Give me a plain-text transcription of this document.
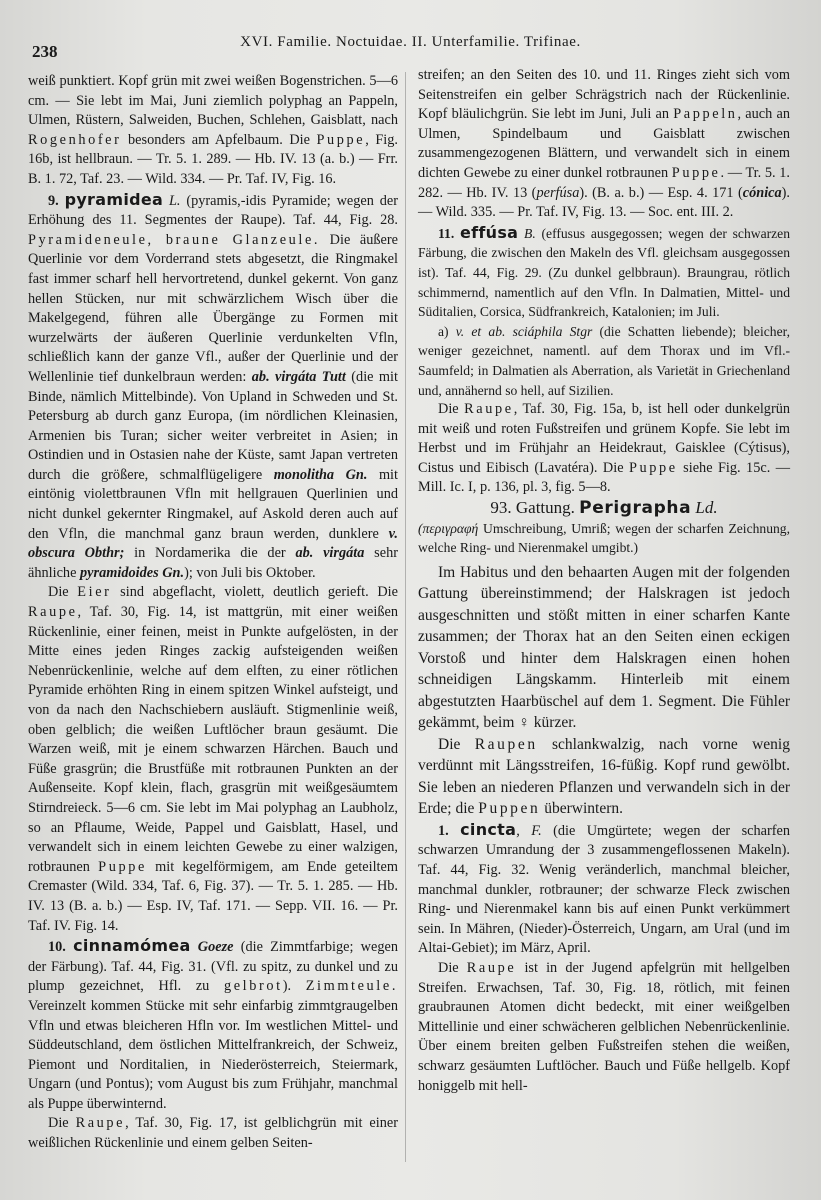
238	XVI. Familie. Noctuidae. II. Unterfamilie. Trifinae.

weiß punktiert. Kopf grün mit zwei weißen Bogenstrichen. 5—6 cm. — Sie lebt im Mai, Juni ziemlich polyphag an Pappeln, Ulmen, Rüstern, Salweiden, Buchen, Schlehen, Gaisblatt, nach Rogenhofer besonders am Apfelbaum. Die Puppe, Fig. 16b, ist hellbraun. — Tr. 5. 1. 289. — Hb. IV. 13 (a. b.) — Frr. B. 1. 72, Taf. 23. — Wild. 334. — Pr. Taf. IV, Fig. 16.

9. pyramidea L. (pyramis,-idis Pyramide; wegen der Erhöhung des 11. Segmentes der Raupe). Taf. 44, Fig. 28. Pyramideneule, braune Glanzeule. Die äußere Querlinie vor dem Vorderrand stets abgesetzt, die Ringmakel fast immer scharf hell hervortretend, dunkel gekernt. Von ganz hellen Stücken, nur mit schwärzlichem Wisch über die Makelgegend, führen alle Übergänge zu Formen mit wurzelwärts der äußeren Querlinie verdunkelten Vfln, schließlich kann der ganze Vfl., außer der Querlinie und der Wellenlinie tief dunkelbraun werden: ab. virgáta Tutt (die mit Binde, nämlich Mittelbinde). Von Upland in Schweden und St. Petersburg ab durch ganz Europa, (im nördlichen Kleinasien, Armenien bis Turan; sicher weiter verbreitet in Asien; in Ostindien und in Ostasien nahe der Küste, samt Japan vertreten durch die größere, schmalflügeligere monolitha Gn. mit eintönig violettbraunen Vfln mit hellgrauen Querlinien und nicht dunkel gekernter Ringmakel, auf Askold deren auch auf den Vfln, die manchmal ganz braun werden, dunklere v. obscura Obthr; in Nordamerika die der ab. virgáta sehr ähnliche pyramidoides Gn.); von Juli bis Oktober.

Die Eier sind abgeflacht, violett, deutlich gerieft. Die Raupe, Taf. 30, Fig. 14, ist mattgrün, mit einer weißen Rückenlinie, einer feinen, meist in Punkte aufgelösten, in der Mitte eines jeden Ringes zackig aufsteigenden weißen Nebenrückenlinie, welche auf dem elften, zu einer rötlichen Pyramide erhöhten Ring in einem spitzen Winkel aufsteigt, und von da nach den Nachschiebern ausläuft. Stigmenlinie weiß, oben gelblich; die weißen Luftlöcher braun gesäumt. Die Warzen weiß, mit je einem schwarzen Härchen. Bauch und Füße grasgrün; die Brustfüße mit rotbraunen Punkten an der Außenseite. Kopf klein, flach, grasgrün mit weißgesäumtem Stirndreieck. 5—6 cm. Sie lebt im Mai polyphag an Laubholz, so an Pflaume, Weide, Pappel und Gaisblatt, Hasel, und verwandelt sich in einem leichten Gewebe zu einer walzigen, rotbraunen Puppe mit kegelförmigem, am Ende geteiltem Cremaster (Wild. 334, Taf. 6, Fig. 37). — Tr. 5. 1. 285. — Hb. IV. 13 (B. a. b.) — Esp. IV, Taf. 171. — Sepp. VII. 16. — Pr. Taf. IV. Fig. 14.

10. cinnamómea Goeze (die Zimmtfarbige; wegen der Färbung). Taf. 44, Fig. 31. (Vfl. zu spitz, zu dunkel und zu plump gezeichnet, Hfl. zu gelbrot). Zimmteule. Vereinzelt kommen Stücke mit sehr einfarbig zimmtgraugelben Vfln und etwas bleicheren Hfln vor. Im westlichen Mittel- und Süddeutschland, dem östlichen Mittelfrankreich, der Schweiz, Piemont und Norditalien, in Niederösterreich, Steiermark, Ungarn (und Pontus); vom August bis zum Frühjahr, manchmal als Puppe überwinternd.

Die Raupe, Taf. 30, Fig. 17, ist gelblichgrün mit einer weißlichen Rückenlinie und einem gelben Seiten-

streifen; an den Seiten des 10. und 11. Ringes zieht sich vom Seitenstreifen ein gelber Schrägstrich nach der Rückenlinie. Kopf bläulichgrün. Sie lebt im Juni, Juli an Pappeln, auch an Ulmen, Spindelbaum und Gaisblatt zwischen zusammengezogenen Blättern, und verwandelt sich in einem dichten Gewebe zu einer dunkel rotbraunen Puppe. — Tr. 5. 1. 282. — Hb. IV. 13 (perfúsa). (B. a. b.) — Esp. 4. 171 (cónica). — Wild. 335. — Pr. Taf. IV, Fig. 13. — Soc. ent. III. 2.

11. effúsa B. (effusus ausgegossen; wegen der schwarzen Färbung, die zwischen den Makeln des Vfl. gleichsam ausgegossen ist). Taf. 44, Fig. 29. (Zu dunkel gelbbraun). Braungrau, rötlich schimmernd, namentlich auf den Vfln. In Dalmatien, Mittel- und Süditalien, Corsica, Südfrankreich, Katalonien; im Juli.

a) v. et ab. sciáphila Stgr (die Schatten liebende); bleicher, weniger gezeichnet, namentl. auf dem Thorax und im Vfl.-Saumfeld; in Dalmatien als Aberration, als Varietät in Griechenland und, annähernd so hell, auf Sizilien.

Die Raupe, Taf. 30, Fig. 15a, b, ist hell oder dunkelgrün mit weiß und roten Fußstreifen und grünem Kopfe. Sie lebt im Herbst und im Frühjahr an Heidekraut, Gaisklee (Cýtisus), Cistus und Eibisch (Lavatéra). Die Puppe siehe Fig. 15c. — Mill. Ic. I, p. 136, pl. 3, fig. 5—8.

93. Gattung. Perigrapha Ld.

(περιγραφή Umschreibung, Umriß; wegen der scharfen Zeichnung, welche Ring- und Nierenmakel umgibt.)

Im Habitus und den behaarten Augen mit der folgenden Gattung übereinstimmend; der Halskragen ist jedoch ausgeschnitten und stößt mitten in einer scharfen Kante zusammen; der Thorax hat an den Seiten einen eckigen Vorstoß und hinter dem Halskragen einen hohen schneidigen Längskamm. Hinterleib mit einem abgestutzten Haarbüschel auf dem 1. Segment. Die Fühler gekämmt, beim ♀ kürzer.

Die Raupen schlankwalzig, nach vorne wenig verdünnt mit Längsstreifen, 16-füßig. Kopf rund gewölbt. Sie leben an niederen Pflanzen und verwandeln sich in der Erde; die Puppen überwintern.

1. cincta, F. (die Umgürtete; wegen der scharfen schwarzen Umrandung der 3 zusammengeflossenen Makeln). Taf. 44, Fig. 32. Wenig veränderlich, manchmal bleicher, manchmal dunkler, rotbrauner; der schwarze Fleck zwischen Ring- und Nierenmakel kann bis auf einen Punkt verkümmert sein. In Mähren, (Nieder)-Österreich, Ungarn, am Ural (und im Altai-Gebiet); im März, April.

Die Raupe ist in der Jugend apfelgrün mit hellgelben Streifen. Erwachsen, Taf. 30, Fig. 18, rötlich, mit feinen graubraunen Atomen dicht bedeckt, mit einer weißgelben Mittellinie und einer schwächeren gelblichen Nebenrückenlinie. Über einem breiten gelben Fußstreifen stehen die weißen, schwarz gesäumten Luftlöcher. Bauch und Füße hellgelb. Kopf honiggelb mit hell-
